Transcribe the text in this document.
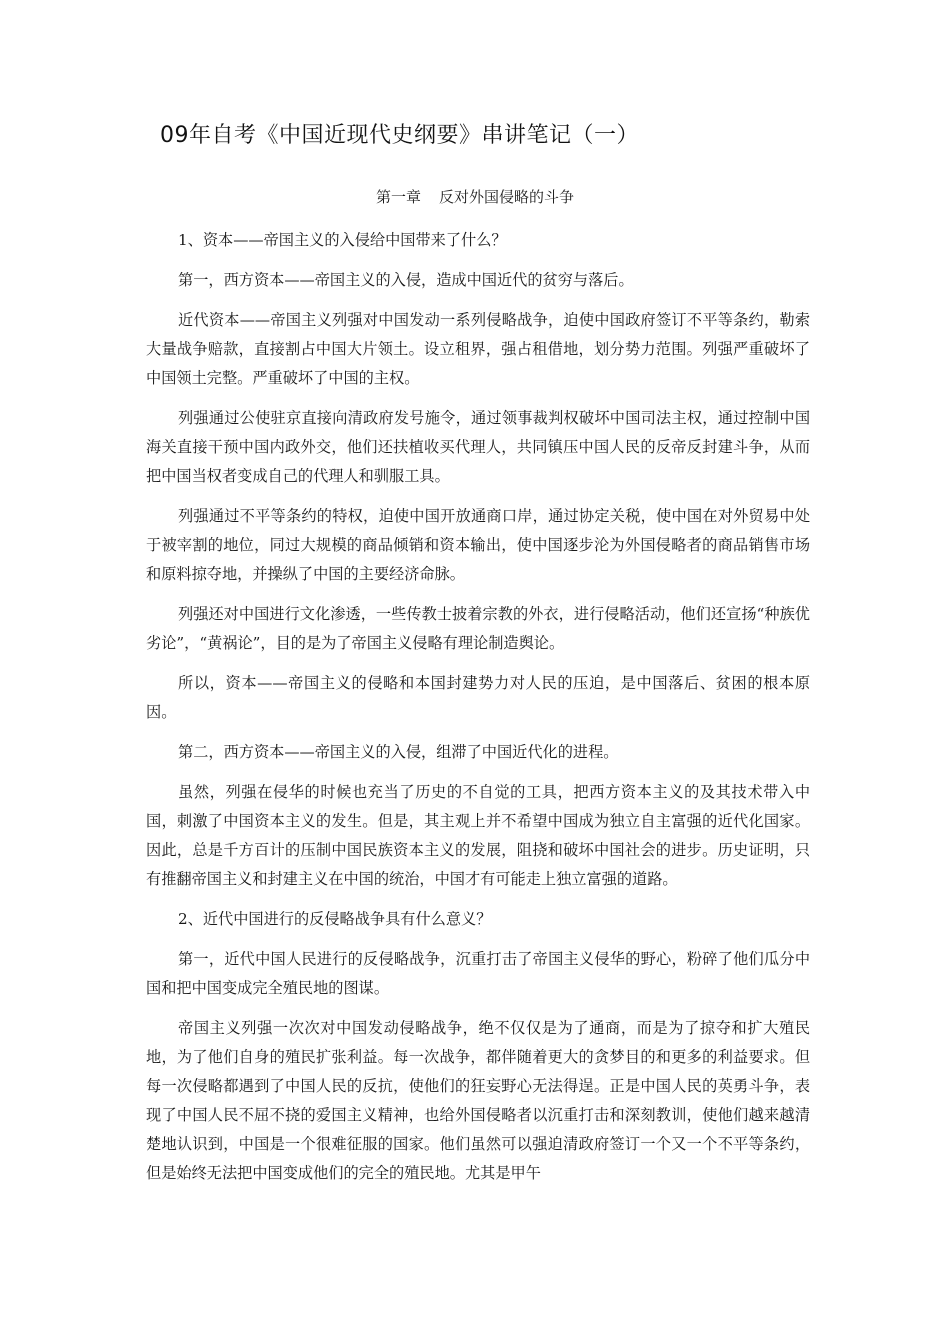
09年自考《中国近现代史纲要》串讲笔记（一）
第一章 反对外国侵略的斗争

1、资本——帝国主义的入侵给中国带来了什么？

第一，西方资本——帝国主义的入侵，造成中国近代的贫穷与落后。

近代资本——帝国主义列强对中国发动一系列侵略战争，迫使中国政府签订不平等条约，勒索大量战争赔款，直接割占中国大片领土。设立租界，强占租借地，划分势力范围。列强严重破坏了中国领土完整。严重破坏了中国的主权。

列强通过公使驻京直接向清政府发号施令，通过领事裁判权破坏中国司法主权，通过控制中国海关直接干预中国内政外交，他们还扶植收买代理人，共同镇压中国人民的反帝反封建斗争，从而把中国当权者变成自己的代理人和驯服工具。

列强通过不平等条约的特权，迫使中国开放通商口岸，通过协定关税，使中国在对外贸易中处于被宰割的地位，同过大规模的商品倾销和资本输出，使中国逐步沦为外国侵略者的商品销售市场和原料掠夺地，并操纵了中国的主要经济命脉。

列强还对中国进行文化渗透，一些传教士披着宗教的外衣，进行侵略活动，他们还宣扬“种族优劣论”，“黄祸论”，目的是为了帝国主义侵略有理论制造舆论。

所以，资本——帝国主义的侵略和本国封建势力对人民的压迫，是中国落后、贫困的根本原因。

第二，西方资本——帝国主义的入侵，组滞了中国近代化的进程。

虽然，列强在侵华的时候也充当了历史的不自觉的工具，把西方资本主义的及其技术带入中国，刺激了中国资本主义的发生。但是，其主观上并不希望中国成为独立自主富强的近代化国家。因此，总是千方百计的压制中国民族资本主义的发展，阻挠和破坏中国社会的进步。历史证明，只有推翻帝国主义和封建主义在中国的统治，中国才有可能走上独立富强的道路。

2、近代中国进行的反侵略战争具有什么意义？

第一，近代中国人民进行的反侵略战争，沉重打击了帝国主义侵华的野心，粉碎了他们瓜分中国和把中国变成完全殖民地的图谋。

帝国主义列强一次次对中国发动侵略战争，绝不仅仅是为了通商，而是为了掠夺和扩大殖民地，为了他们自身的殖民扩张利益。每一次战争，都伴随着更大的贪梦目的和更多的利益要求。但每一次侵略都遇到了中国人民的反抗，使他们的狂妄野心无法得逞。正是中国人民的英勇斗争，表现了中国人民不屈不挠的爱国主义精神，也给外国侵略者以沉重打击和深刻教训，使他们越来越清楚地认识到，中国是一个很难征服的国家。他们虽然可以强迫清政府签订一个又一个不平等条约，但是始终无法把中国变成他们的完全的殖民地。尤其是甲午
